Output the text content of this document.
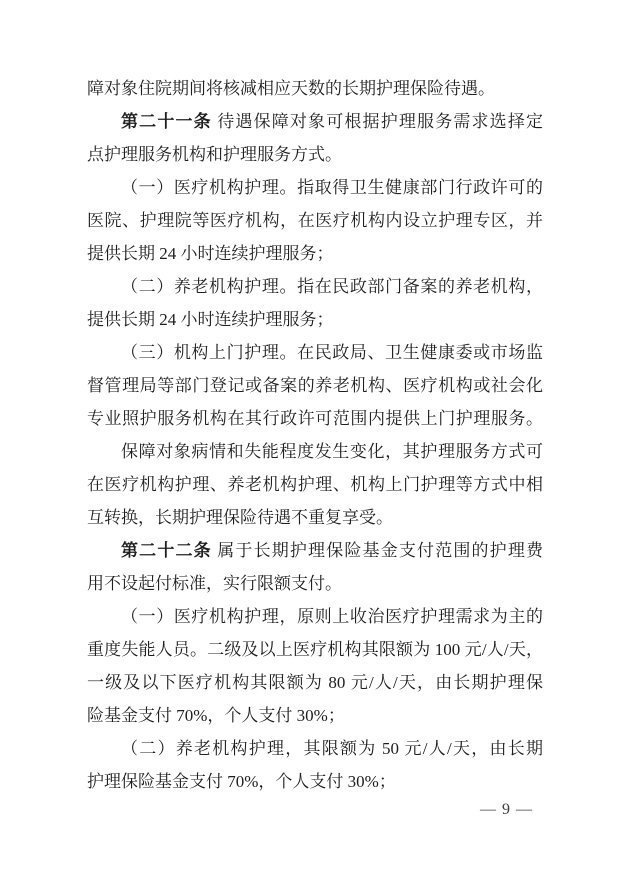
障对象住院期间将核减相应天数的长期护理保险待遇。
第二十一条 待遇保障对象可根据护理服务需求选择定
点护理服务机构和护理服务方式。
（一）医疗机构护理。指取得卫生健康部门行政许可的
医院、护理院等医疗机构，在医疗机构内设立护理专区，并
提供长期 24 小时连续护理服务；
（二）养老机构护理。指在民政部门备案的养老机构，
提供长期 24 小时连续护理服务；
（三）机构上门护理。在民政局、卫生健康委或市场监
督管理局等部门登记或备案的养老机构、医疗机构或社会化
专业照护服务机构在其行政许可范围内提供上门护理服务。
保障对象病情和失能程度发生变化，其护理服务方式可
在医疗机构护理、养老机构护理、机构上门护理等方式中相
互转换，长期护理保险待遇不重复享受。
第二十二条 属于长期护理保险基金支付范围的护理费
用不设起付标准，实行限额支付。
（一）医疗机构护理，原则上收治医疗护理需求为主的
重度失能人员。二级及以上医疗机构其限额为 100 元/人/天，
一级及以下医疗机构其限额为 80 元/人/天，由长期护理保
险基金支付 70%，个人支付 30%；
（二）养老机构护理，其限额为 50 元/人/天，由长期
护理保险基金支付 70%，个人支付 30%；
— 9 —
